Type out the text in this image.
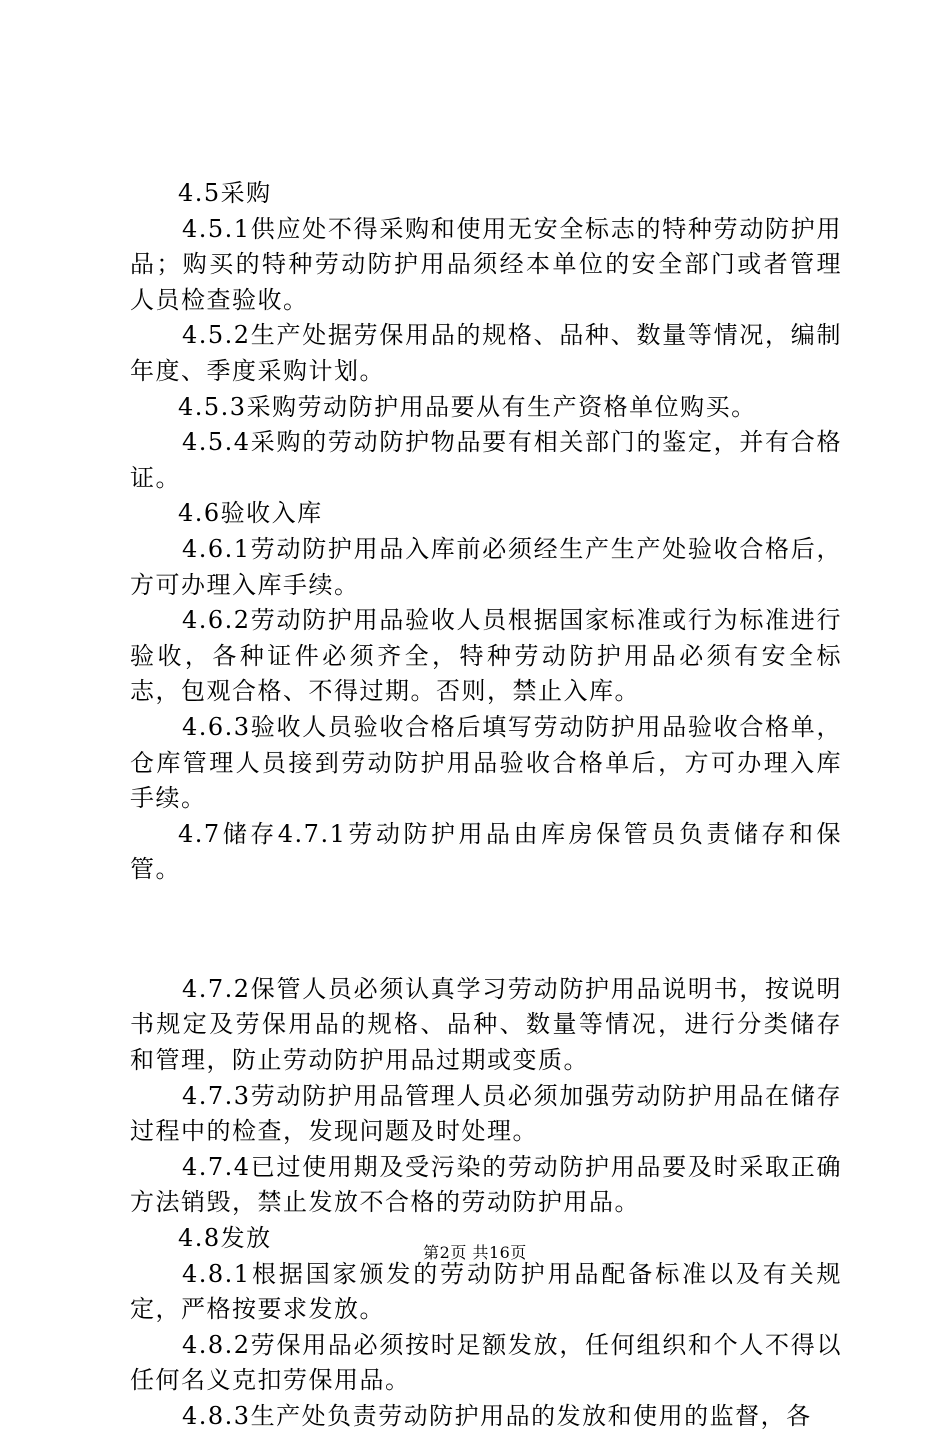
4.5采购

4.5.1供应处不得采购和使用无安全标志的特种劳动防护用品；购买的特种劳动防护用品须经本单位的安全部门或者管理人员检查验收。

4.5.2生产处据劳保用品的规格、品种、数量等情况，编制年度、季度采购计划。

4.5.3采购劳动防护用品要从有生产资格单位购买。

4.5.4采购的劳动防护物品要有相关部门的鉴定，并有合格证。

4.6验收入库

4.6.1劳动防护用品入库前必须经生产生产处验收合格后，方可办理入库手续。

4.6.2劳动防护用品验收人员根据国家标准或行为标准进行验收，各种证件必须齐全，特种劳动防护用品必须有安全标志，包观合格、不得过期。否则，禁止入库。

4.6.3验收人员验收合格后填写劳动防护用品验收合格单，仓库管理人员接到劳动防护用品验收合格单后，方可办理入库手续。

4.7储存4.7.1劳动防护用品由库房保管员负责储存和保管。

4.7.2保管人员必须认真学习劳动防护用品说明书，按说明书规定及劳保用品的规格、品种、数量等情况，进行分类储存和管理，防止劳动防护用品过期或变质。

4.7.3劳动防护用品管理人员必须加强劳动防护用品在储存过程中的检查，发现问题及时处理。

4.7.4已过使用期及受污染的劳动防护用品要及时采取正确方法销毁，禁止发放不合格的劳动防护用品。

4.8发放

4.8.1根据国家颁发的劳动防护用品配备标准以及有关规定，严格按要求发放。

4.8.2劳保用品必须按时足额发放，任何组织和个人不得以任何名义克扣劳保用品。

4.8.3生产处负责劳动防护用品的发放和使用的监督，各

第2页 共16页
